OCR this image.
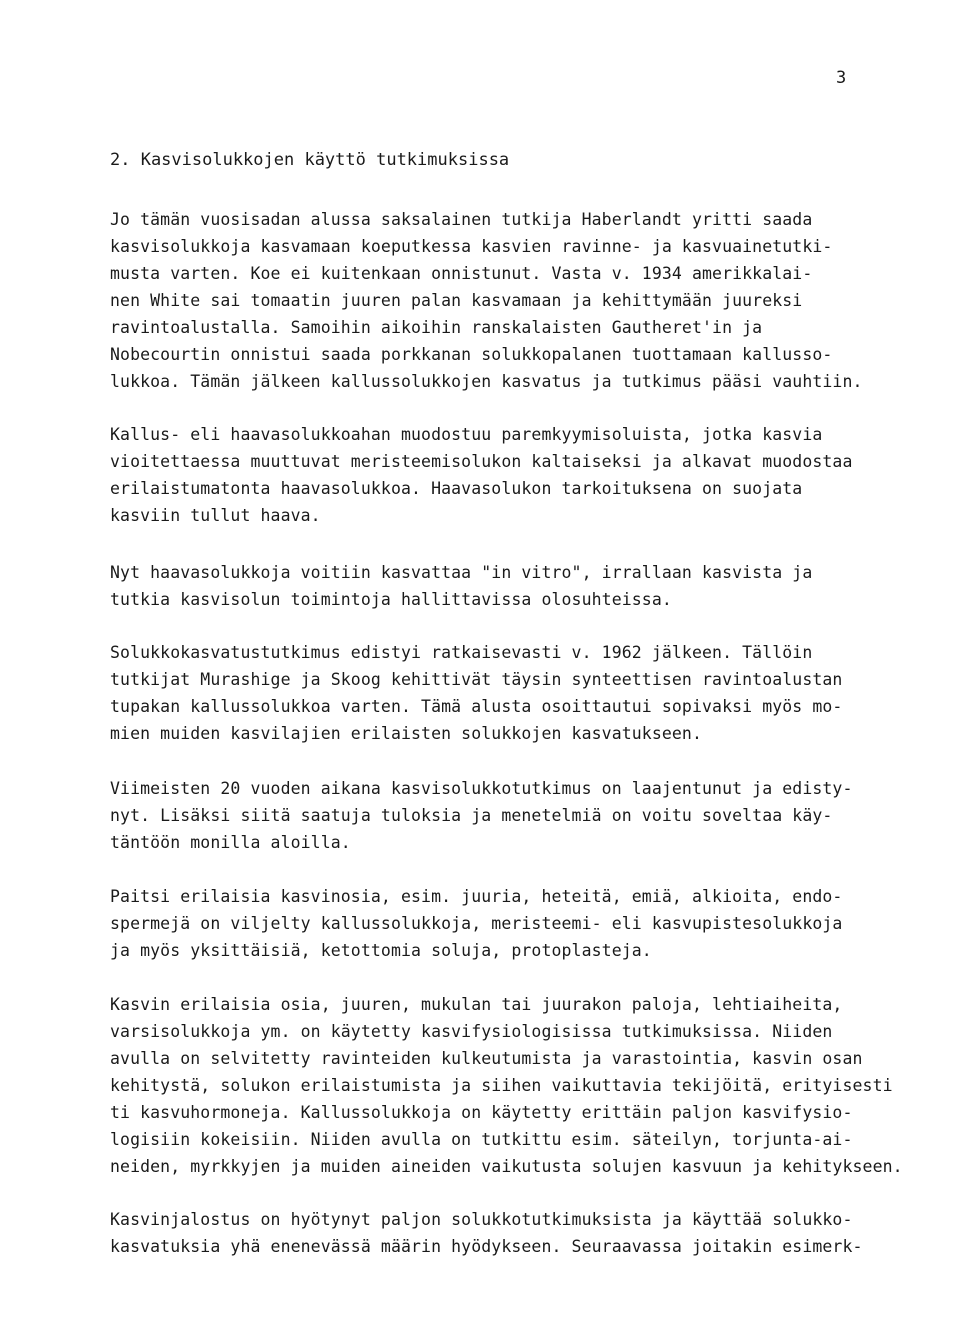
3
2. Kasvisolukkojen käyttö tutkimuksissa
Jo tämän vuosisadan alussa saksalainen tutkija Haberlandt yritti saada
kasvisolukkoja kasvamaan koeputkessa kasvien ravinne- ja kasvuainetutki-
musta varten. Koe ei kuitenkaan onnistunut. Vasta v. 1934 amerikkalai-
nen White sai tomaatin juuren palan kasvamaan ja kehittymään juureksi
ravintoalustalla. Samoihin aikoihin ranskalaisten Gautheret'in ja
Nobecourtin onnistui saada porkkanan solukkopalanen tuottamaan kallusso-
lukkoa. Tämän jälkeen kallussolukkojen kasvatus ja tutkimus pääsi vauhtiin.
Kallus- eli haavasolukkoahan muodostuu paremkyymisoluista, jotka kasvia
vioitettaessa muuttuvat meristeemisolukon kaltaiseksi ja alkavat muodostaa
erilaistumatonta haavasolukkoa. Haavasolukon tarkoituksena on suojata
kasviin tullut haava.
Nyt haavasolukkoja voitiin kasvattaa "in vitro", irrallaan kasvista ja
tutkia kasvisolun toimintoja hallittavissa olosuhteissa.
Solukkokasvatustutkimus edistyi ratkaisevasti v. 1962 jälkeen. Tällöin
tutkijat Murashige ja Skoog kehittivät täysin synteettisen ravintoalustan
tupakan kallussolukkoa varten. Tämä alusta osoittautui sopivaksi myös mo-
mien muiden kasvilajien erilaisten solukkojen kasvatukseen.
Viimeisten 20 vuoden aikana kasvisolukkotutkimus on laajentunut ja edisty-
nyt. Lisäksi siitä saatuja tuloksia ja menetelmiä on voitu soveltaa käy-
täntöön monilla aloilla.
Paitsi erilaisia kasvinosia, esim. juuria, heteitä, emiä, alkioita, endo-
spermejä on viljelty kallussolukkoja, meristeemi- eli kasvupistesolukkoja
ja myös yksittäisiä, ketottomia soluja, protoplasteja.
Kasvin erilaisia osia, juuren, mukulan tai juurakon paloja, lehtiaiheita,
varsisolukkoja ym. on käytetty kasvifysiologisissa tutkimuksissa. Niiden
avulla on selvitetty ravinteiden kulkeutumista ja varastointia, kasvin osan
kehitystä, solukon erilaistumista ja siihen vaikuttavia tekijöitä, erityisesti
ti kasvuhormoneja. Kallussolukkoja on käytetty erittäin paljon kasvifysio-
logisiin kokeisiin. Niiden avulla on tutkittu esim. säteilyn, torjunta-ai-
neiden, myrkkyjen ja muiden aineiden vaikutusta solujen kasvuun ja kehitykseen.
Kasvinjalostus on hyötynyt paljon solukkotutkimuksista ja käyttää solukko-
kasvatuksia yhä enenevässä määrin hyödykseen. Seuraavassa joitakin esimerk-
